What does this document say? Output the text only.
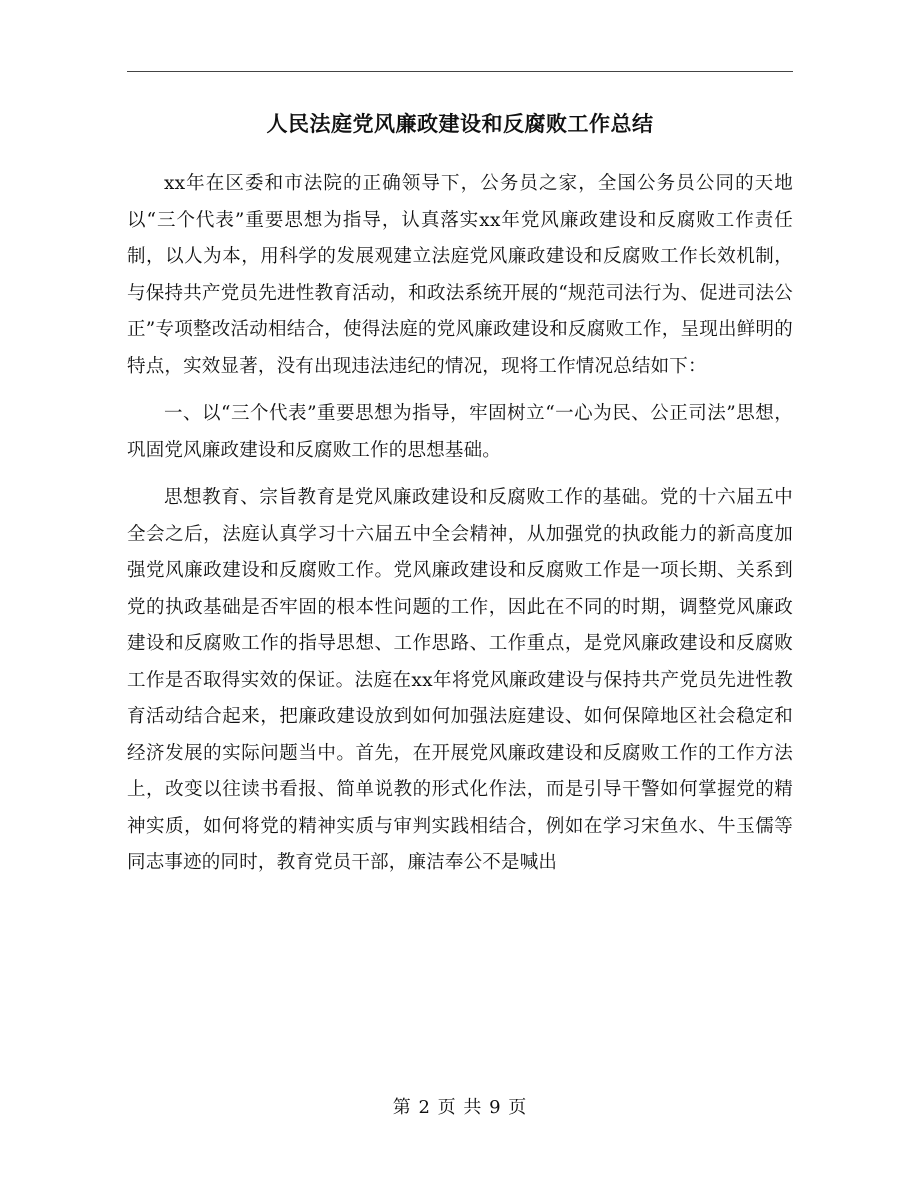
人民法庭党风廉政建设和反腐败工作总结

xx年在区委和市法院的正确领导下，公务员之家，全国公务员公同的天地以“三个代表”重要思想为指导，认真落实xx年党风廉政建设和反腐败工作责任制，以人为本，用科学的发展观建立法庭党风廉政建设和反腐败工作长效机制，与保持共产党员先进性教育活动，和政法系统开展的“规范司法行为、促进司法公正”专项整改活动相结合，使得法庭的党风廉政建设和反腐败工作，呈现出鲜明的特点，实效显著，没有出现违法违纪的情况，现将工作情况总结如下：

一、以“三个代表”重要思想为指导，牢固树立“一心为民、公正司法”思想，巩固党风廉政建设和反腐败工作的思想基础。

思想教育、宗旨教育是党风廉政建设和反腐败工作的基础。党的十六届五中全会之后，法庭认真学习十六届五中全会精神，从加强党的执政能力的新高度加强党风廉政建设和反腐败工作。党风廉政建设和反腐败工作是一项长期、关系到党的执政基础是否牢固的根本性问题的工作，因此在不同的时期，调整党风廉政建设和反腐败工作的指导思想、工作思路、工作重点，是党风廉政建设和反腐败工作是否取得实效的保证。法庭在xx年将党风廉政建设与保持共产党员先进性教育活动结合起来，把廉政建设放到如何加强法庭建设、如何保障地区社会稳定和经济发展的实际问题当中。首先，在开展党风廉政建设和反腐败工作的工作方法上，改变以往读书看报、简单说教的形式化作法，而是引导干警如何掌握党的精神实质，如何将党的精神实质与审判实践相结合，例如在学习宋鱼水、牛玉儒等同志事迹的同时，教育党员干部，廉洁奉公不是喊出

第 2 页 共 9 页
